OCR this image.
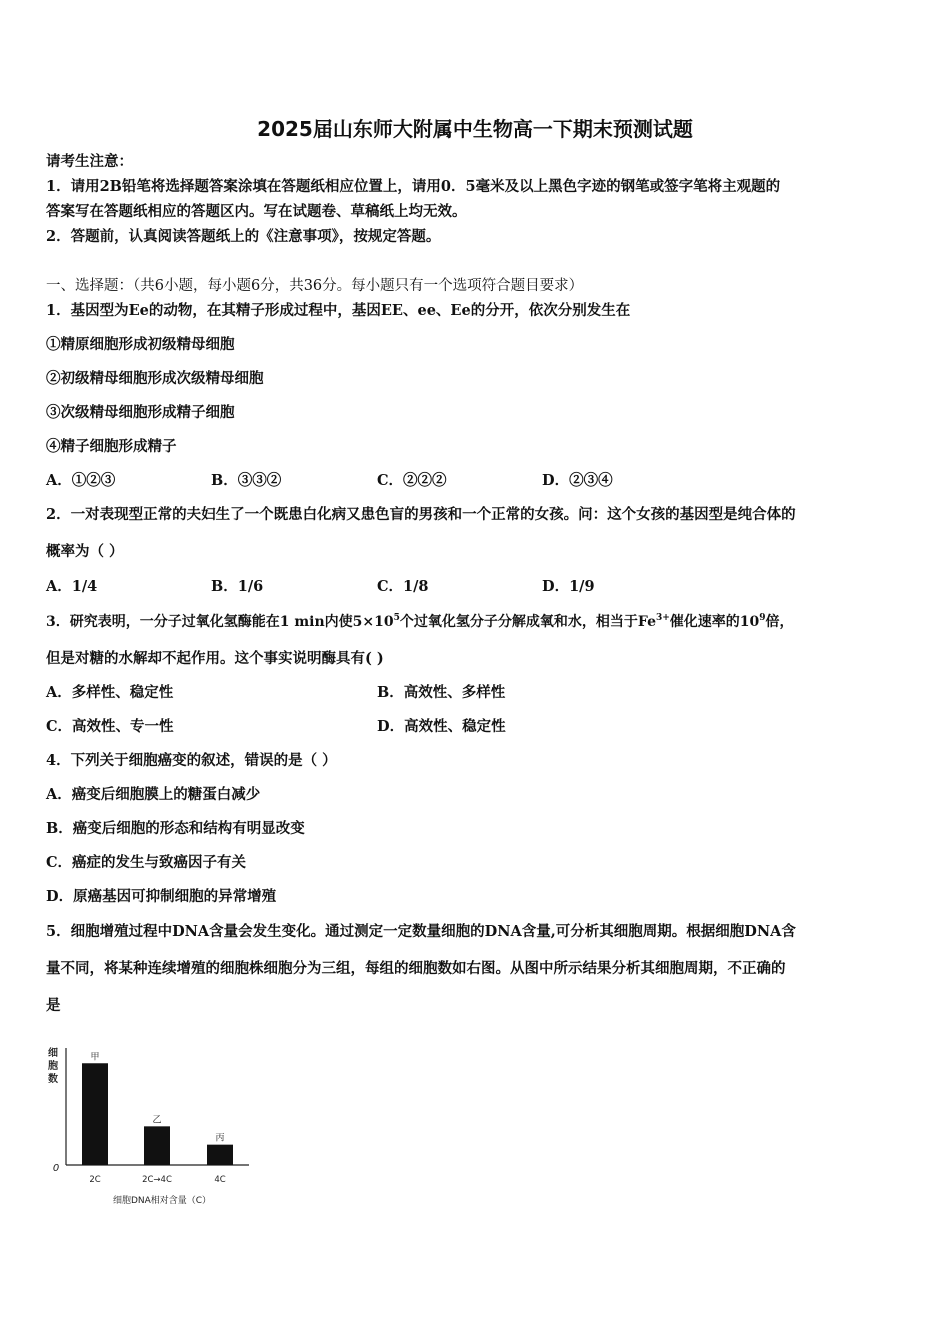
2025届山东师大附属中生物高一下期末预测试题
请考生注意：
1．请用2B铅笔将选择题答案涂填在答题纸相应位置上，请用0．5毫米及以上黑色字迹的钢笔或签字笔将主观题的
答案写在答题纸相应的答题区内。写在试题卷、草稿纸上均无效。
2．答题前，认真阅读答题纸上的《注意事项》，按规定答题。
一、选择题：（共6小题，每小题6分，共36分。每小题只有一个选项符合题目要求）
1．基因型为Ee的动物，在其精子形成过程中，基因EE、ee、Ee的分开，依次分别发生在
①精原细胞形成初级精母细胞
②初级精母细胞形成次级精母细胞
③次级精母细胞形成精子细胞
④精子细胞形成精子
A．①②③	B．③③②	C．②②②	D．②③④
2．一对表现型正常的夫妇生了一个既患白化病又患色盲的男孩和一个正常的女孩。问：这个女孩的基因型是纯合体的
概率为（ ）
A．1/4	B．1/6	C．1/8	D．1/9
3．研究表明，一分子过氧化氢酶能在1 min内使$5\times 10^5$个过氧化氢分子分解成氧和水，相当于$Fe^{3+}$催化速率的$10^9$倍，
但是对糖的水解却不起作用。这个事实说明酶具有( )
A．多样性、稳定性	B．高效性、多样性
C．高效性、专一性	D．高效性、稳定性
4．下列关于细胞癌变的叙述，错误的是（ ）
A．癌变后细胞膜上的糖蛋白减少
B．癌变后细胞的形态和结构有明显改变
C．癌症的发生与致癌因子有关
D．原癌基因可抑制细胞的异常增殖
5．细胞增殖过程中DNA含量会发生变化。通过测定一定数量细胞的DNA含量,可分析其细胞周期。根据细胞DNA含
量不同，将某种连续增殖的细胞株细胞分为三组，每组的细胞数如右图。从图中所示结果分析其细胞周期，不正确的
是
细
胞
数
0
甲
2C
乙
2C→4C
丙
4C
细胞DNA相对含量（C）
